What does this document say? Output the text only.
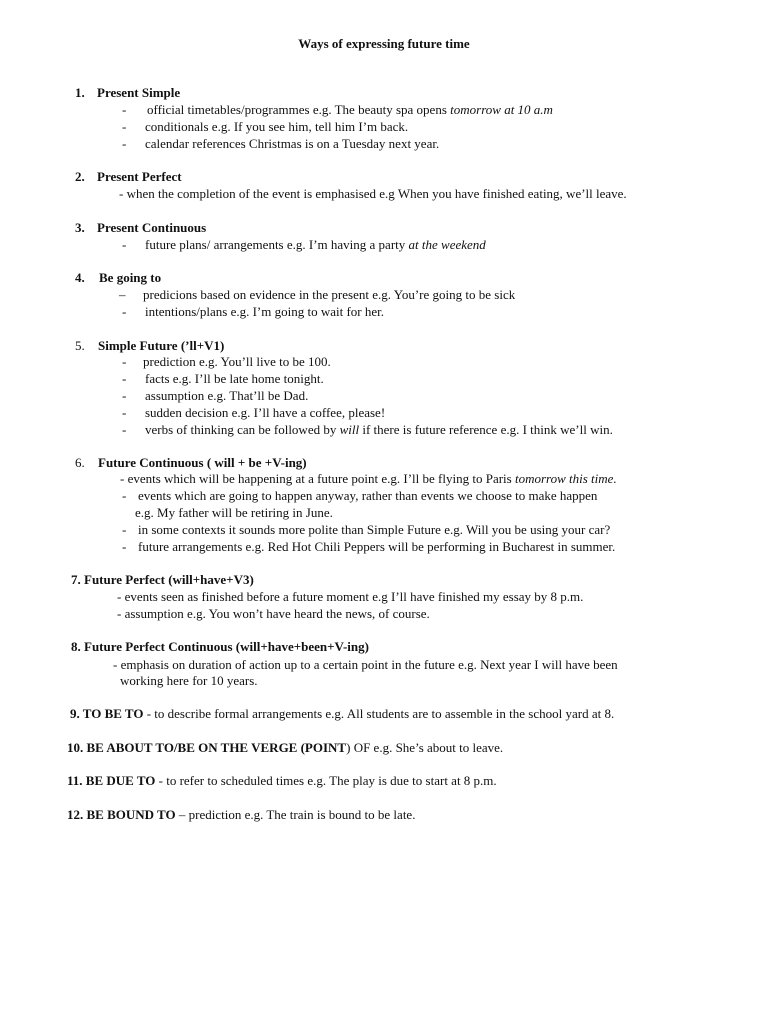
Ways of expressing future time
1. Present Simple
- official timetables/programmes e.g. The beauty spa opens tomorrow at 10 a.m
- conditionals e.g. If you see him, tell him I’m back.
- calendar references Christmas is on a Tuesday next year.
2. Present Perfect
- when the completion of the event is emphasised e.g When you have finished eating, we’ll leave.
3. Present Continuous
- future plans/ arrangements e.g. I’m having a party at the weekend
4. Be going to
– predicions based on evidence in the present e.g. You’re going to be sick
- intentions/plans e.g. I’m going to wait for her.
5. Simple Future (’ll+V1)
- prediction e.g. You’ll live to be 100.
- facts e.g. I’ll be late home tonight.
- assumption e.g. That’ll be Dad.
- sudden decision e.g. I’ll have a coffee, please!
- verbs of thinking can be followed by will if there is future reference e.g. I think we’ll win.
6. Future Continuous ( will + be +V-ing)
- events which will be happening at a future point e.g. I’ll be flying to Paris tomorrow this time.
- events which are going to happen anyway, rather than events we choose to make happen
e.g. My father will be retiring in June.
- in some contexts it sounds more polite than Simple Future e.g. Will you be using your car?
- future arrangements e.g. Red Hot Chili Peppers will be performing in Bucharest in summer.
7. Future Perfect (will+have+V3)
- events seen as finished before a future moment e.g I’ll have finished my essay by 8 p.m.
- assumption e.g. You won’t have heard the news, of course.
8. Future Perfect Continuous (will+have+been+V-ing)
- emphasis on duration of action up to a certain point in the future e.g. Next year I will have been
working here for 10 years.
9. TO BE TO - to describe formal arrangements e.g. All students are to assemble in the school yard at 8.
10. BE ABOUT TO/BE ON THE VERGE (POINT) OF e.g. She’s about to leave.
11. BE DUE TO - to refer to scheduled times e.g. The play is due to start at 8 p.m.
12. BE BOUND TO – prediction e.g. The train is bound to be late.
